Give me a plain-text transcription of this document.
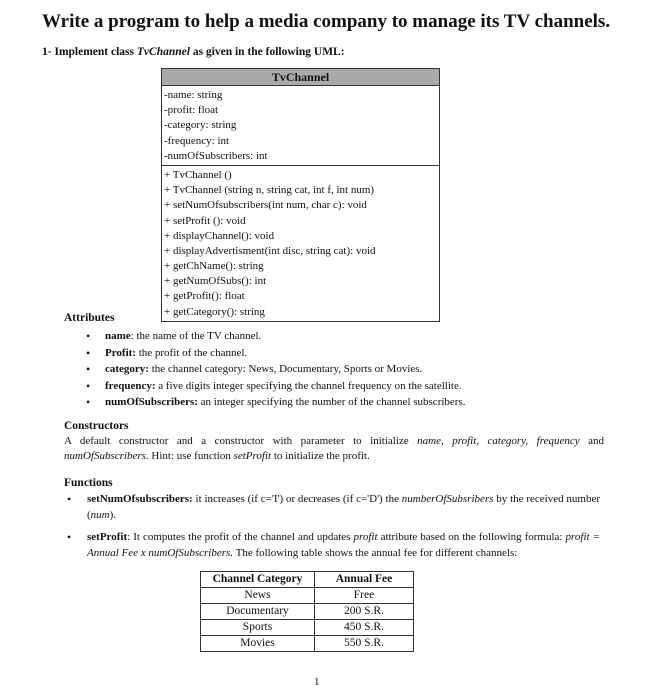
Write a program to help a media company to manage its TV channels.
1- Implement class TvChannel as given in the following UML:
TvChannel
-name: string
-profit: float
-category: string
-frequency: int
-numOfSubscribers: int
+ TvChannel ()
+ TvChannel (string n, string cat, int f, int num)
+ setNumOfsubscribers(int num, char c): void
+ setProfit (): void
+ displayChannel(): void
+ displayAdvertisment(int disc, string cat): void
+ getChName(): string
+ getNumOfSubs(): int
+ getProfit(): float
+ getCategory(): string
Attributes
• name: the name of the TV channel.
• Profit: the profit of the channel.
• category: the channel category: News, Documentary, Sports or Movies.
• frequency: a five digits integer specifying the channel frequency on the satellite.
• numOfSubscribers: an integer specifying the number of the channel subscribers.
Constructors
A default constructor and a constructor with parameter to initialize name, profit, category, frequency and numOfSubscribers. Hint: use function setProfit to initialize the profit.
Functions
• setNumOfsubscribers: it increases (if c='I') or decreases (if c='D') the numberOfSubsribers by the received number (num).
• setProfit: It computes the profit of the channel and updates profit attribute based on the following formula: profit = Annual Fee x numOfSubscribers. The following table shows the annual fee for different channels:
Channel Category	Annual Fee
News	Free
Documentary	200 S.R.
Sports	450 S.R.
Movies	550 S.R.
1
